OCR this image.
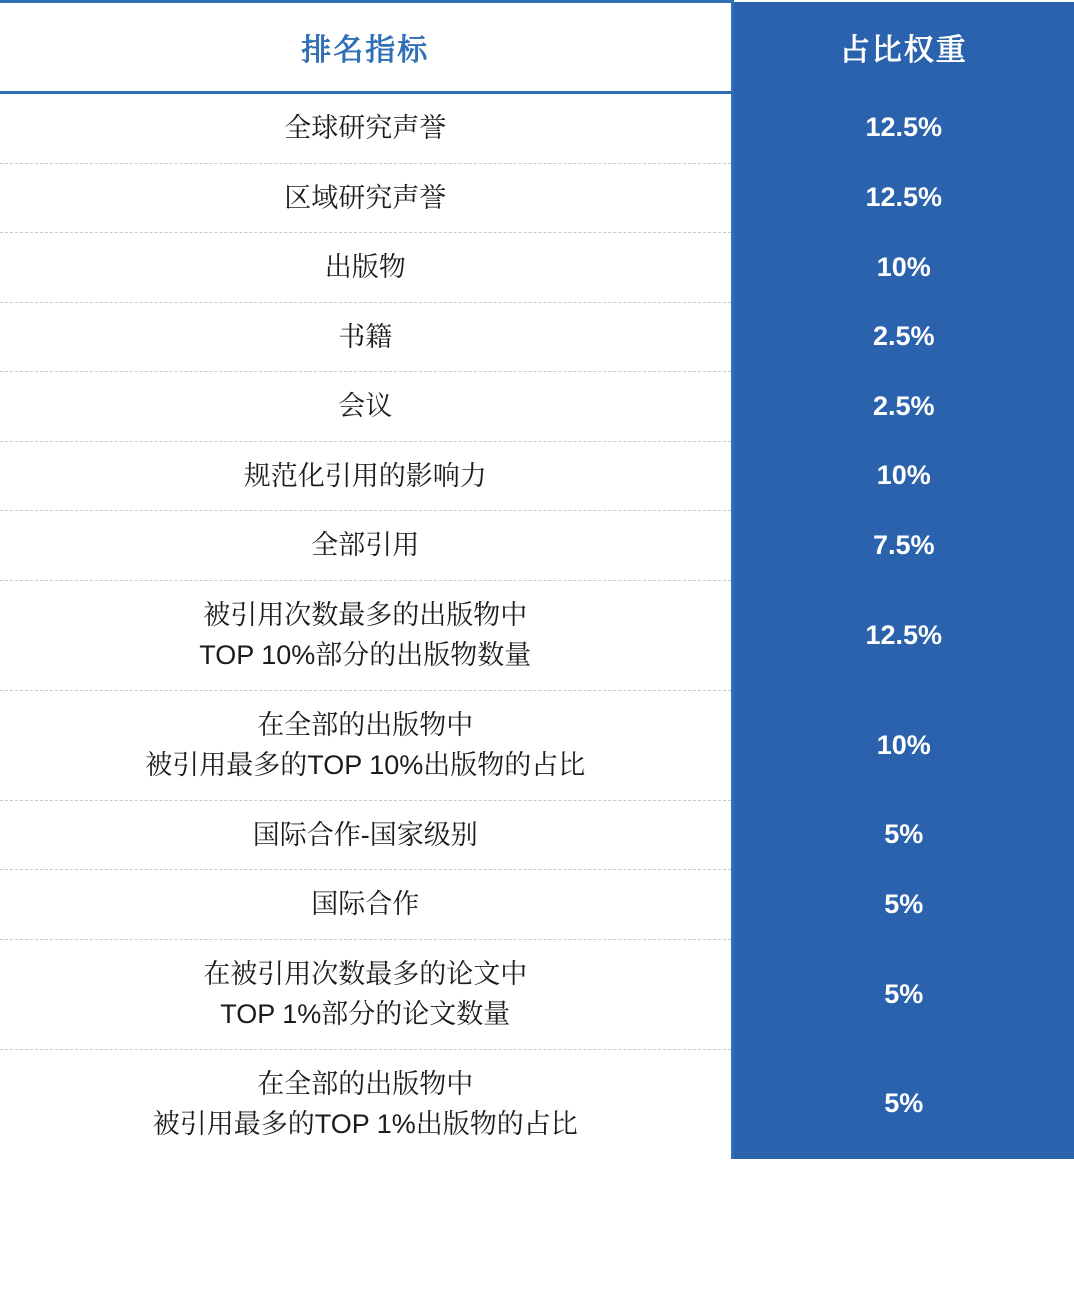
排名指标	占比权重
全球研究声誉	12.5%
区域研究声誉	12.5%
出版物	10%
书籍	2.5%
会议	2.5%
规范化引用的影响力	10%
全部引用	7.5%
被引用次数最多的出版物中
TOP 10%部分的出版物数量	12.5%
在全部的出版物中
被引用最多的TOP 10%出版物的占比	10%
国际合作-国家级别	5%
国际合作	5%
在被引用次数最多的论文中
TOP 1%部分的论文数量	5%
在全部的出版物中
被引用最多的TOP 1%出版物的占比	5%
